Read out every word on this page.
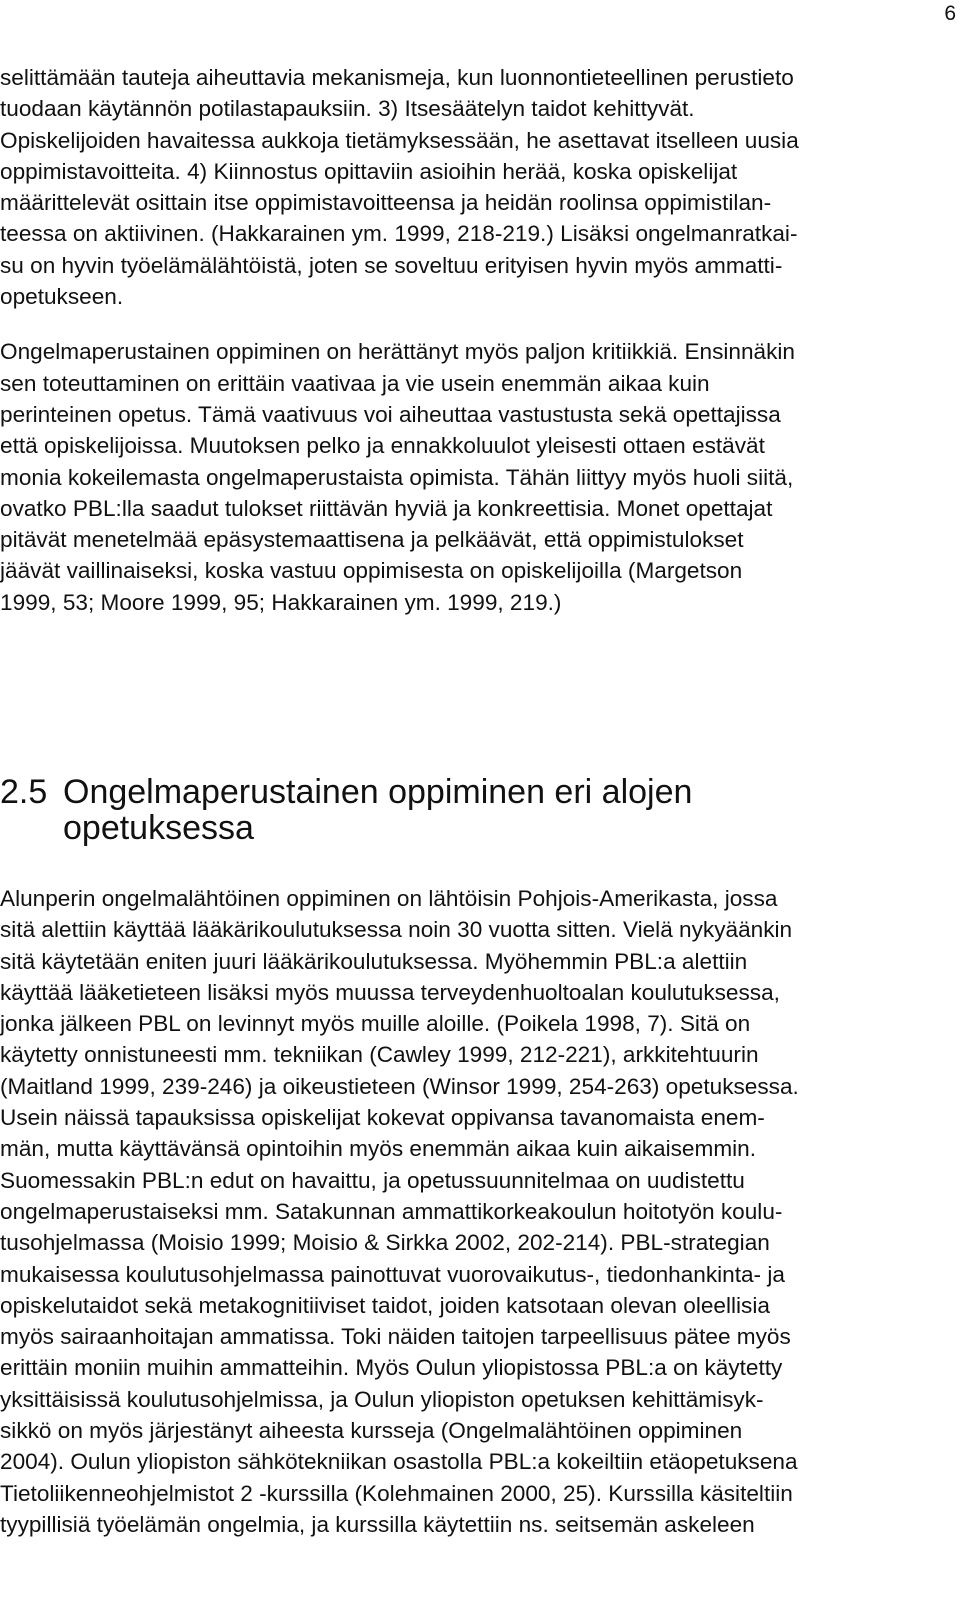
6

selittämään tauteja aiheuttavia mekanismeja, kun luonnontieteellinen perustieto
tuodaan käytännön potilastapauksiin. 3) Itsesäätelyn taidot kehittyvät.
Opiskelijoiden havaitessa aukkoja tietämyksessään, he asettavat itselleen uusia
oppimistavoitteita. 4) Kiinnostus opittaviin asioihin herää, koska opiskelijat
määrittelevät osittain itse oppimistavoitteensa ja heidän roolinsa oppimistilan-
teessa on aktiivinen. (Hakkarainen ym. 1999, 218-219.) Lisäksi ongelmanratkai-
su on hyvin työelämälähtöistä, joten se soveltuu erityisen hyvin myös ammatti-
opetukseen.

Ongelmaperustainen oppiminen on herättänyt myös paljon kritiikkiä. Ensinnäkin
sen toteuttaminen on erittäin vaativaa ja vie usein enemmän aikaa kuin
perinteinen opetus. Tämä vaativuus voi aiheuttaa vastustusta sekä opettajissa
että opiskelijoissa. Muutoksen pelko ja ennakkoluulot yleisesti ottaen estävät
monia kokeilemasta ongelmaperustaista opimista. Tähän liittyy myös huoli siitä,
ovatko PBL:lla saadut tulokset riittävän hyviä ja konkreettisia. Monet opettajat
pitävät menetelmää epäsystemaattisena ja pelkäävät, että oppimistulokset
jäävät vaillinaiseksi, koska vastuu oppimisesta on opiskelijoilla (Margetson
1999, 53; Moore 1999, 95; Hakkarainen ym. 1999, 219.)

2.5 Ongelmaperustainen oppiminen eri alojen
opetuksessa

Alunperin ongelmalähtöinen oppiminen on lähtöisin Pohjois-Amerikasta, jossa
sitä alettiin käyttää lääkärikoulutuksessa noin 30 vuotta sitten. Vielä nykyäänkin
sitä käytetään eniten juuri lääkärikoulutuksessa. Myöhemmin PBL:a alettiin
käyttää lääketieteen lisäksi myös muussa terveydenhuoltoalan koulutuksessa,
jonka jälkeen PBL on levinnyt myös muille aloille. (Poikela 1998, 7). Sitä on
käytetty onnistuneesti mm. tekniikan (Cawley 1999, 212-221), arkkitehtuurin
(Maitland 1999, 239-246) ja oikeustieteen (Winsor 1999, 254-263) opetuksessa.
Usein näissä tapauksissa opiskelijat kokevat oppivansa tavanomaista enem-
män, mutta käyttävänsä opintoihin myös enemmän aikaa kuin aikaisemmin.
Suomessakin PBL:n edut on havaittu, ja opetussuunnitelmaa on uudistettu
ongelmaperustaiseksi mm. Satakunnan ammattikorkeakoulun hoitotyön koulu-
tusohjelmassa (Moisio 1999; Moisio & Sirkka 2002, 202-214). PBL-strategian
mukaisessa koulutusohjelmassa painottuvat vuorovaikutus-, tiedonhankinta- ja
opiskelutaidot sekä metakognitiiviset taidot, joiden katsotaan olevan oleellisia
myös sairaanhoitajan ammatissa. Toki näiden taitojen tarpeellisuus pätee myös
erittäin moniin muihin ammatteihin. Myös Oulun yliopistossa PBL:a on käytetty
yksittäisissä koulutusohjelmissa, ja Oulun yliopiston opetuksen kehittämisyk-
sikkö on myös järjestänyt aiheesta kursseja (Ongelmalähtöinen oppiminen
2004). Oulun yliopiston sähkötekniikan osastolla PBL:a kokeiltiin etäopetuksena
Tietoliikenneohjelmistot 2 -kurssilla (Kolehmainen 2000, 25). Kurssilla käsiteltiin
tyypillisiä työelämän ongelmia, ja kurssilla käytettiin ns. seitsemän askeleen
